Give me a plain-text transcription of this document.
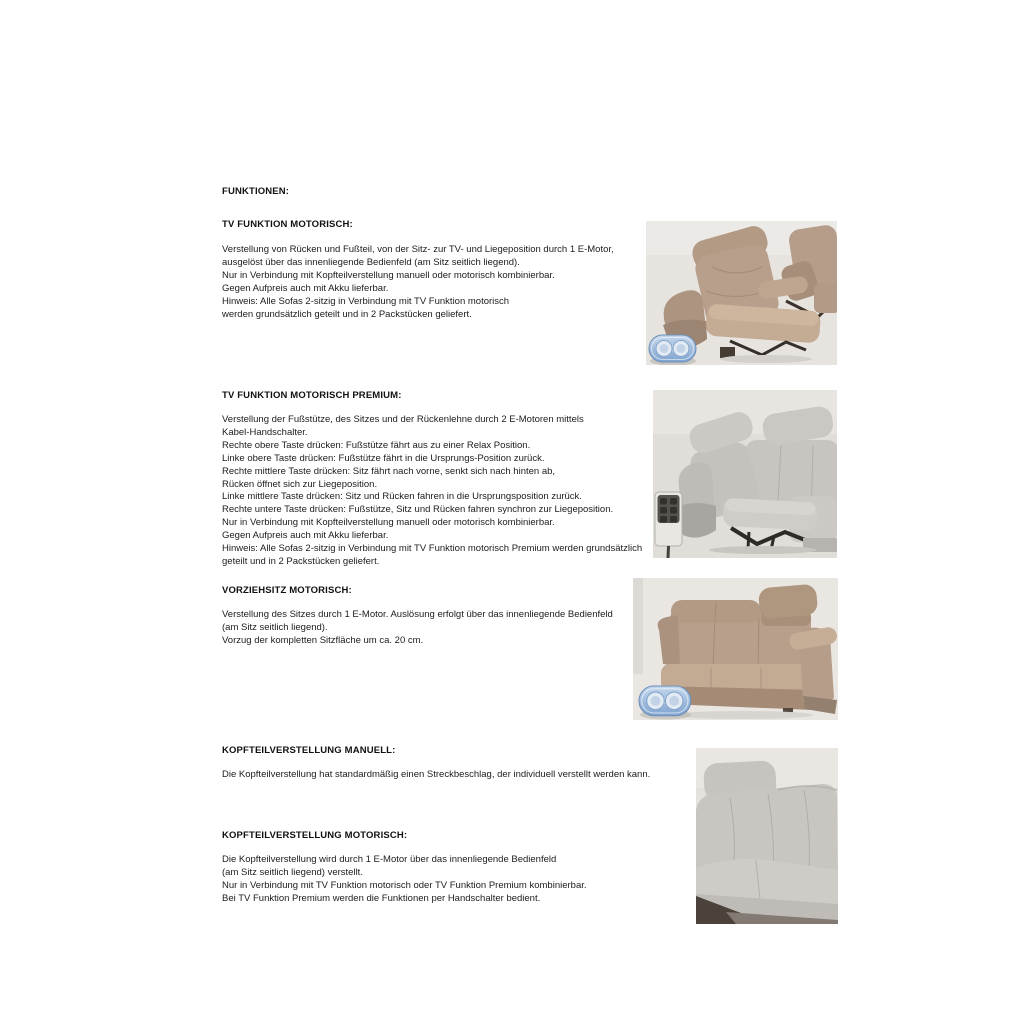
FUNKTIONEN:
TV FUNKTION MOTORISCH:
Verstellung von Rücken und Fußteil, von der Sitz- zur TV- und Liegeposition durch 1 E-Motor,
ausgelöst über das innenliegende Bedienfeld (am Sitz seitlich liegend).
Nur in Verbindung mit Kopfteilverstellung manuell oder motorisch kombinierbar.
Gegen Aufpreis auch mit Akku lieferbar.
Hinweis: Alle Sofas 2-sitzig in Verbindung mit TV Funktion motorisch
werden grundsätzlich geteilt und in 2 Packstücken geliefert.
TV FUNKTION MOTORISCH PREMIUM:
Verstellung der Fußstütze, des Sitzes und der Rückenlehne durch 2 E-Motoren mittels
Kabel-Handschalter.
Rechte obere Taste drücken: Fußstütze fährt aus zu einer Relax Position.
Linke obere Taste drücken: Fußstütze fährt in die Ursprungs-Position zurück.
Rechte mittlere Taste drücken: Sitz fährt nach vorne, senkt sich nach hinten ab,
Rücken öffnet sich zur Liegeposition.
Linke mittlere Taste drücken: Sitz und Rücken fahren in die Ursprungsposition zurück.
Rechte untere Taste drücken: Fußstütze, Sitz und Rücken fahren synchron zur Liegeposition.
Nur in Verbindung mit Kopfteilverstellung manuell oder motorisch kombinierbar.
Gegen Aufpreis auch mit Akku lieferbar.
Hinweis: Alle Sofas 2-sitzig in Verbindung mit TV Funktion motorisch Premium werden grundsätzlich
geteilt und in 2 Packstücken geliefert.
VORZIEHSITZ MOTORISCH:
Verstellung des Sitzes durch 1 E-Motor. Auslösung erfolgt über das innenliegende Bedienfeld
(am Sitz seitlich liegend).
Vorzug der kompletten Sitzfläche um ca. 20 cm.
KOPFTEILVERSTELLUNG MANUELL:
Die Kopfteilverstellung hat standardmäßig einen Streckbeschlag, der individuell verstellt werden kann.
KOPFTEILVERSTELLUNG MOTORISCH:
Die Kopfteilverstellung wird durch 1 E-Motor über das innenliegende Bedienfeld
(am Sitz seitlich liegend) verstellt.
Nur in Verbindung mit TV Funktion motorisch oder TV Funktion Premium kombinierbar.
Bei TV Funktion Premium werden die Funktionen per Handschalter bedient.
